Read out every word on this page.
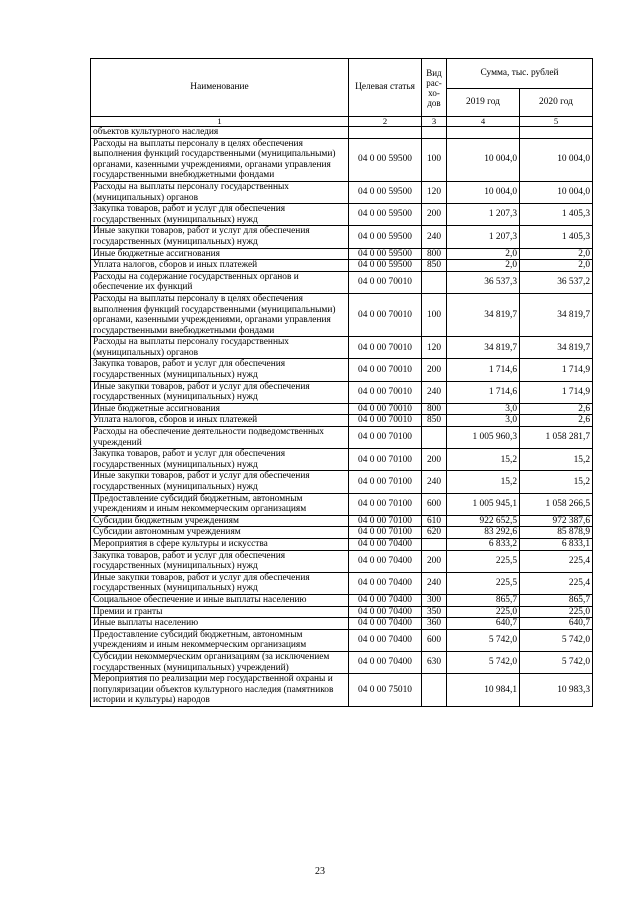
Наименование	Целевая статья	Вид рас-хо-дов	Сумма, тыс. рублей	
			2019 год	2020 год
1	2	3	4	5
объектов культурного наследия				
Расходы на выплаты персоналу в целях обеспечения выполнения функций государственными (муниципальными) органами, казенными учреждениями, органами управления государственными внебюджетными фондами	04 0 00 59500	100	10 004,0	10 004,0
Расходы на выплаты персоналу государственных (муниципальных) органов	04 0 00 59500	120	10 004,0	10 004,0
Закупка товаров, работ и услуг для обеспечения государственных (муниципальных) нужд	04 0 00 59500	200	1 207,3	1 405,3
Иные закупки товаров, работ и услуг для обеспечения государственных (муниципальных) нужд	04 0 00 59500	240	1 207,3	1 405,3
Иные бюджетные ассигнования	04 0 00 59500	800	2,0	2,0
Уплата налогов, сборов и иных платежей	04 0 00 59500	850	2,0	2,0
Расходы на содержание государственных органов и обеспечение их функций	04 0 00 70010		36 537,3	36 537,2
Расходы на выплаты персоналу в целях обеспечения выполнения функций государственными (муниципальными) органами, казенными учреждениями, органами управления государственными внебюджетными фондами	04 0 00 70010	100	34 819,7	34 819,7
Расходы на выплаты персоналу государственных (муниципальных) органов	04 0 00 70010	120	34 819,7	34 819,7
Закупка товаров, работ и услуг для обеспечения государственных (муниципальных) нужд	04 0 00 70010	200	1 714,6	1 714,9
Иные закупки товаров, работ и услуг для обеспечения государственных (муниципальных) нужд	04 0 00 70010	240	1 714,6	1 714,9
Иные бюджетные ассигнования	04 0 00 70010	800	3,0	2,6
Уплата налогов, сборов и иных платежей	04 0 00 70010	850	3,0	2,6
Расходы на обеспечение деятельности подведомственных учреждений	04 0 00 70100		1 005 960,3	1 058 281,7
Закупка товаров, работ и услуг для обеспечения государственных (муниципальных) нужд	04 0 00 70100	200	15,2	15,2
Иные закупки товаров, работ и услуг для обеспечения государственных (муниципальных) нужд	04 0 00 70100	240	15,2	15,2
Предоставление субсидий бюджетным, автономным учреждениям и иным некоммерческим организациям	04 0 00 70100	600	1 005 945,1	1 058 266,5
Субсидии бюджетным учреждениям	04 0 00 70100	610	922 652,5	972 387,6
Субсидии автономным учреждениям	04 0 00 70100	620	83 292,6	85 878,9
Мероприятия в сфере культуры и искусства	04 0 00 70400		6 833,2	6 833,1
Закупка товаров, работ и услуг для обеспечения государственных (муниципальных) нужд	04 0 00 70400	200	225,5	225,4
Иные закупки товаров, работ и услуг для обеспечения государственных (муниципальных) нужд	04 0 00 70400	240	225,5	225,4
Социальное обеспечение и иные выплаты населению	04 0 00 70400	300	865,7	865,7
Премии и гранты	04 0 00 70400	350	225,0	225,0
Иные выплаты населению	04 0 00 70400	360	640,7	640,7
Предоставление субсидий бюджетным, автономным учреждениям и иным некоммерческим организациям	04 0 00 70400	600	5 742,0	5 742,0
Субсидии некоммерческим организациям (за исключением государственных (муниципальных) учреждений)	04 0 00 70400	630	5 742,0	5 742,0
Мероприятия по реализации мер государственной охраны и популяризации объектов культурного наследия (памятников истории и культуры) народов	04 0 00 75010		10 984,1	10 983,3
23
